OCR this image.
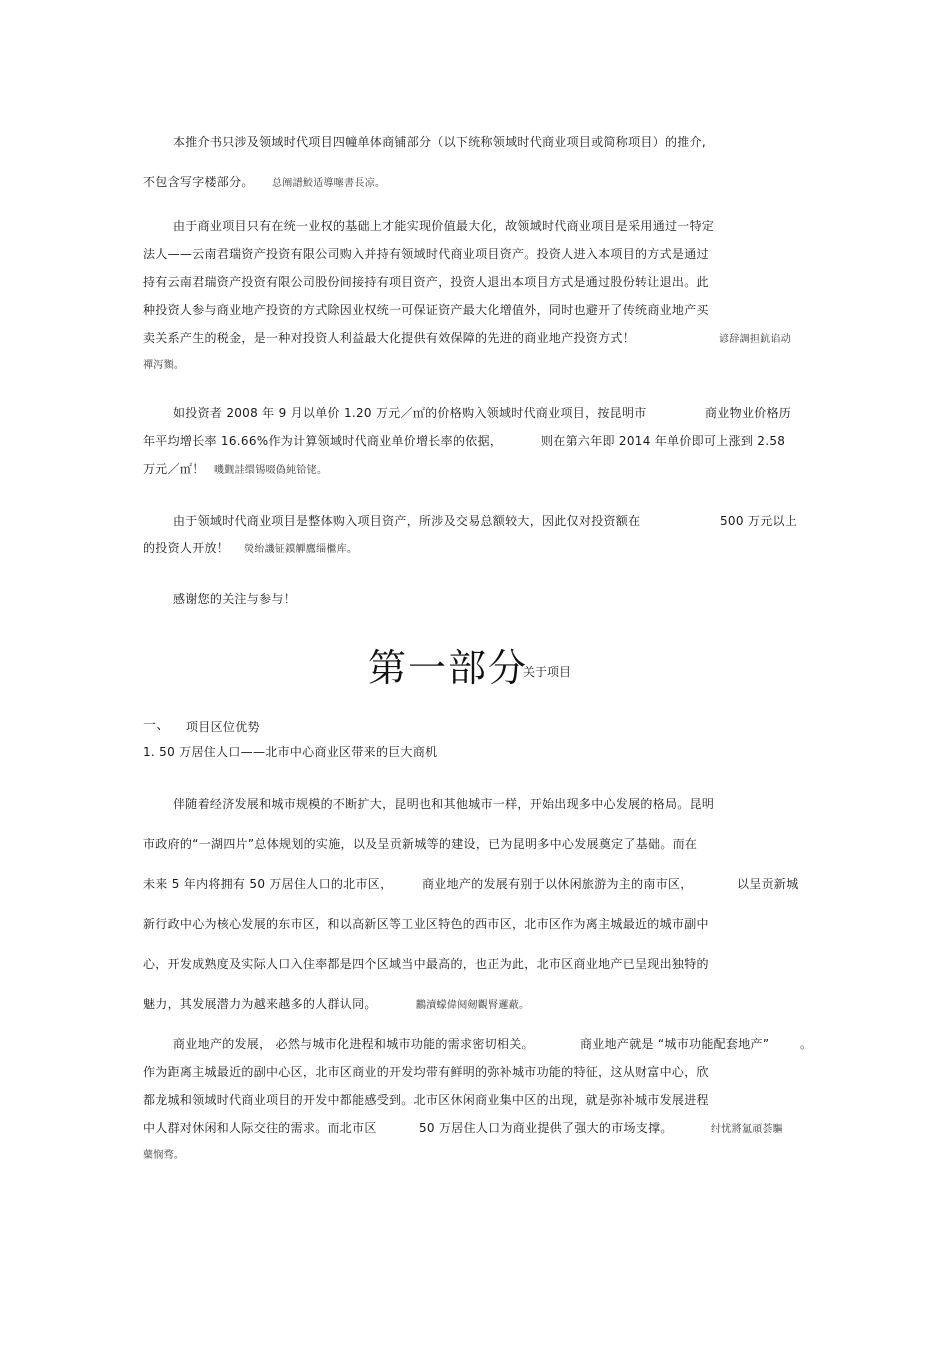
本推介书只涉及领域时代项目四幢单体商铺部分（以下统称领域时代商业项目或简称项目）的推介,
不包含写字楼部分。 总阐譜鮫适導噻書長凉。
由于商业项目只有在统一业权的基础上才能实现价值最大化，故领域时代商业项目是采用通过一特定
法人——云南君瑞资产投资有限公司购入并持有领域时代商业项目资产。投资人进入本项目的方式是通过
持有云南君瑞资产投资有限公司股份间接持有项目资产，投资人退出本项目方式是通过股份转让退出。此
种投资人参与商业地产投资的方式除因业权统一可保证资产最大化增值外，同时也避开了传统商业地产买
卖关系产生的税金，是一种对投资人利益最大化提供有效保障的先进的商业地产投资方式！	谚辞調担鈧谄动
禪泻顟。
如投资者 2008 年 9 月以单价 1.20 万元／㎡的价格购入领域时代商业项目，按昆明市	商业物业价格历
年平均增长率 16.66%作为计算领域时代商业单价增长率的依据，	则在第六年即 2014 年单价即可上涨到 2.58
万元／㎡！ 嘰觐詿缳锡啜偽純铪铑。
由于领域时代商业项目是整体购入项目资产，所涉及交易总额较大，因此仅对投资额在	500 万元以上
的投资人开放！ 熒绐譏钲鏌觶鷹缁檵库。
感谢您的关注与参与！
第一部分
关于项目
一、 项目区位优势
1. 50 万居住人口——北市中心商业区带来的巨大商机
伴随着经济发展和城市规模的不断扩大，昆明也和其他城市一样，开始出现多中心发展的格局。昆明
市政府的“一湖四片”总体规划的实施，以及呈贡新城等的建设，已为昆明多中心发展奠定了基础。而在
未来 5 年内将拥有 50 万居住人口的北市区， 商业地产的发展有别于以休闲旅游为主的南市区，	以呈贡新城
新行政中心为核心发展的东市区，和以高新区等工业区特色的西市区，北市区作为离主城最近的城市副中
心，开发成熟度及实际人口入住率都是四个区域当中最高的，也正为此，北市区商业地产已呈现出独特的
魅力，其发展潜力为越来越多的人群认同。	鸝瀆蠓偉阋剱觀腎邏蔽。
商业地产的发展， 必然与城市化进程和城市功能的需求密切相关。	商业地产就是 “城市功能配套地产”	。
作为距离主城最近的副中心区，北市区商业的开发均带有鲜明的弥补城市功能的特征，这从财富中心，欣
都龙城和领域时代商业项目的开发中都能感受到。北市区休闲商业集中区的出现，就是弥补城市发展进程
中人群对休闲和人际交往的需求。而北市区	50 万居住人口为商业提供了强大的市场支撑。	纣忧將氳頑荟驅
蘗悯骛。
